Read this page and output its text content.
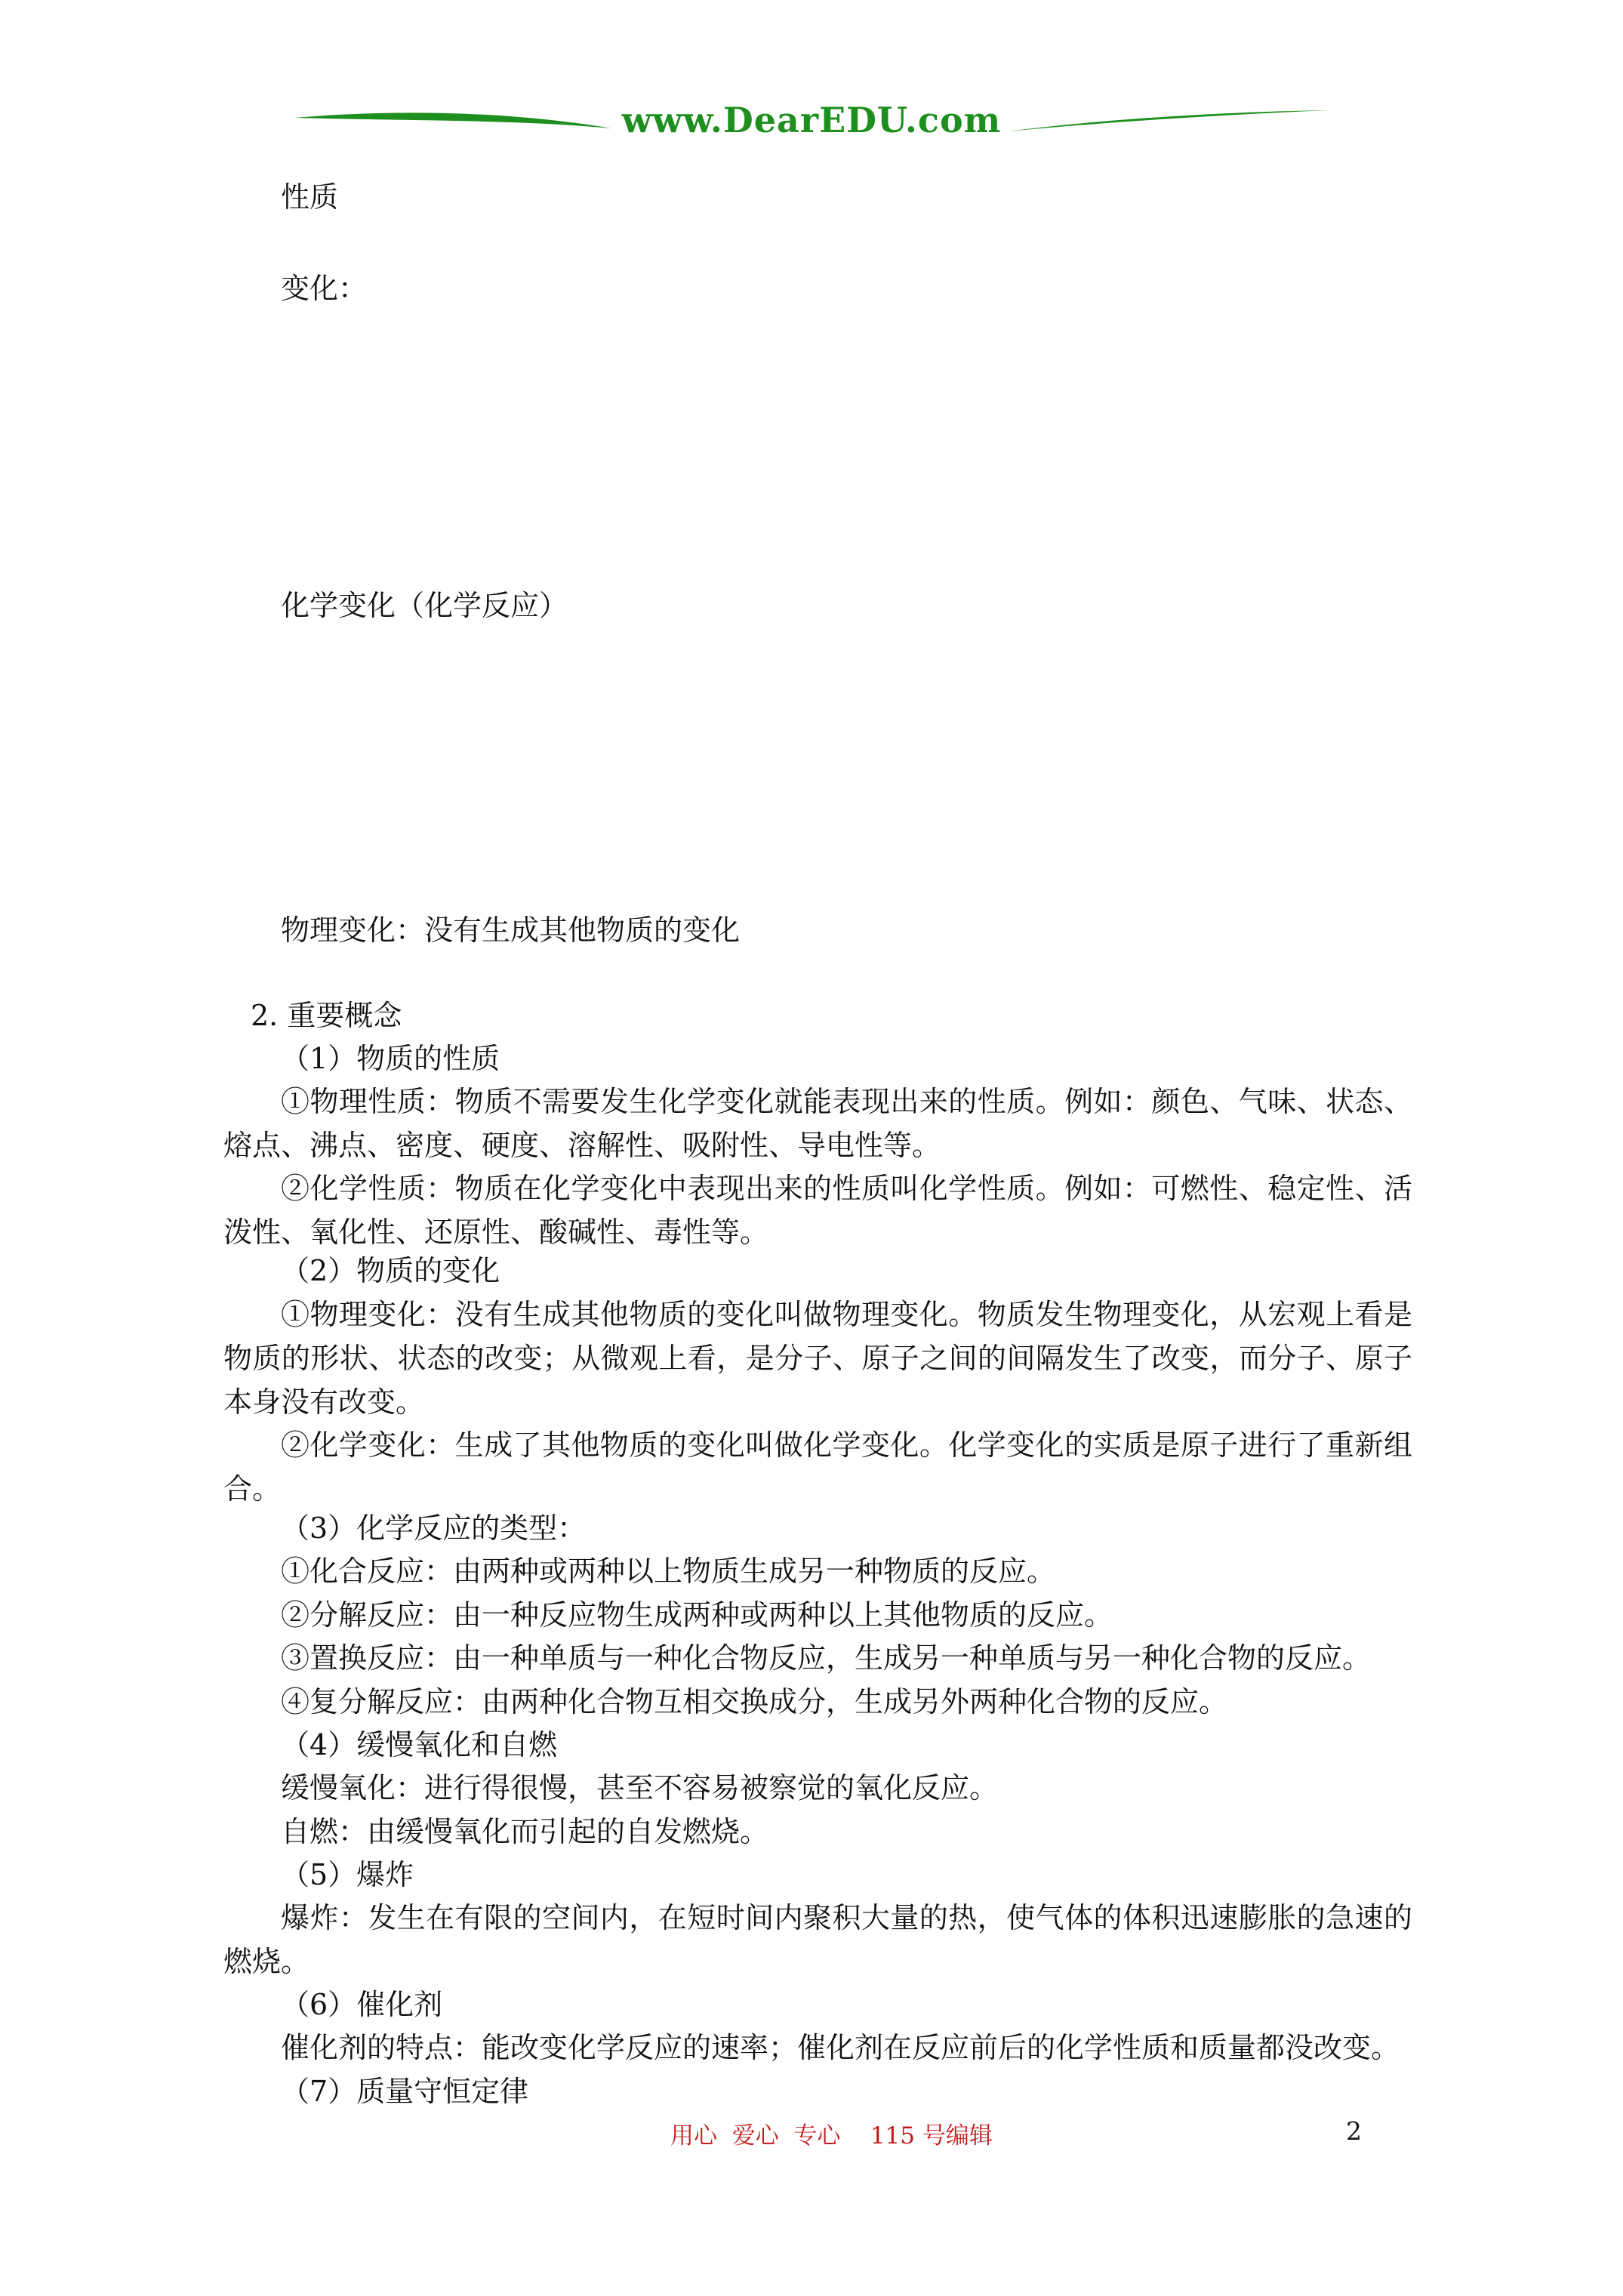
www.DearEDU.com
性质
变化：
化学变化（化学反应）
物理变化：没有生成其他物质的变化
2. 重要概念
（1）物质的性质
①物理性质：物质不需要发生化学变化就能表现出来的性质。例如：颜色、气味、状态、熔点、沸点、密度、硬度、溶解性、吸附性、导电性等。
②化学性质：物质在化学变化中表现出来的性质叫化学性质。例如：可燃性、稳定性、活泼性、氧化性、还原性、酸碱性、毒性等。
（2）物质的变化
①物理变化：没有生成其他物质的变化叫做物理变化。物质发生物理变化，从宏观上看是物质的形状、状态的改变；从微观上看，是分子、原子之间的间隔发生了改变，而分子、原子本身没有改变。
②化学变化：生成了其他物质的变化叫做化学变化。化学变化的实质是原子进行了重新组合。
（3）化学反应的类型：
①化合反应：由两种或两种以上物质生成另一种物质的反应。
②分解反应：由一种反应物生成两种或两种以上其他物质的反应。
③置换反应：由一种单质与一种化合物反应，生成另一种单质与另一种化合物的反应。
④复分解反应：由两种化合物互相交换成分，生成另外两种化合物的反应。
（4）缓慢氧化和自燃
缓慢氧化：进行得很慢，甚至不容易被察觉的氧化反应。
自燃：由缓慢氧化而引起的自发燃烧。
（5）爆炸
爆炸：发生在有限的空间内，在短时间内聚积大量的热，使气体的体积迅速膨胀的急速的燃烧。
（6）催化剂
催化剂的特点：能改变化学反应的速率；催化剂在反应前后的化学性质和质量都没改变。
（7）质量守恒定律
用心  爱心  专心    115 号编辑	2
